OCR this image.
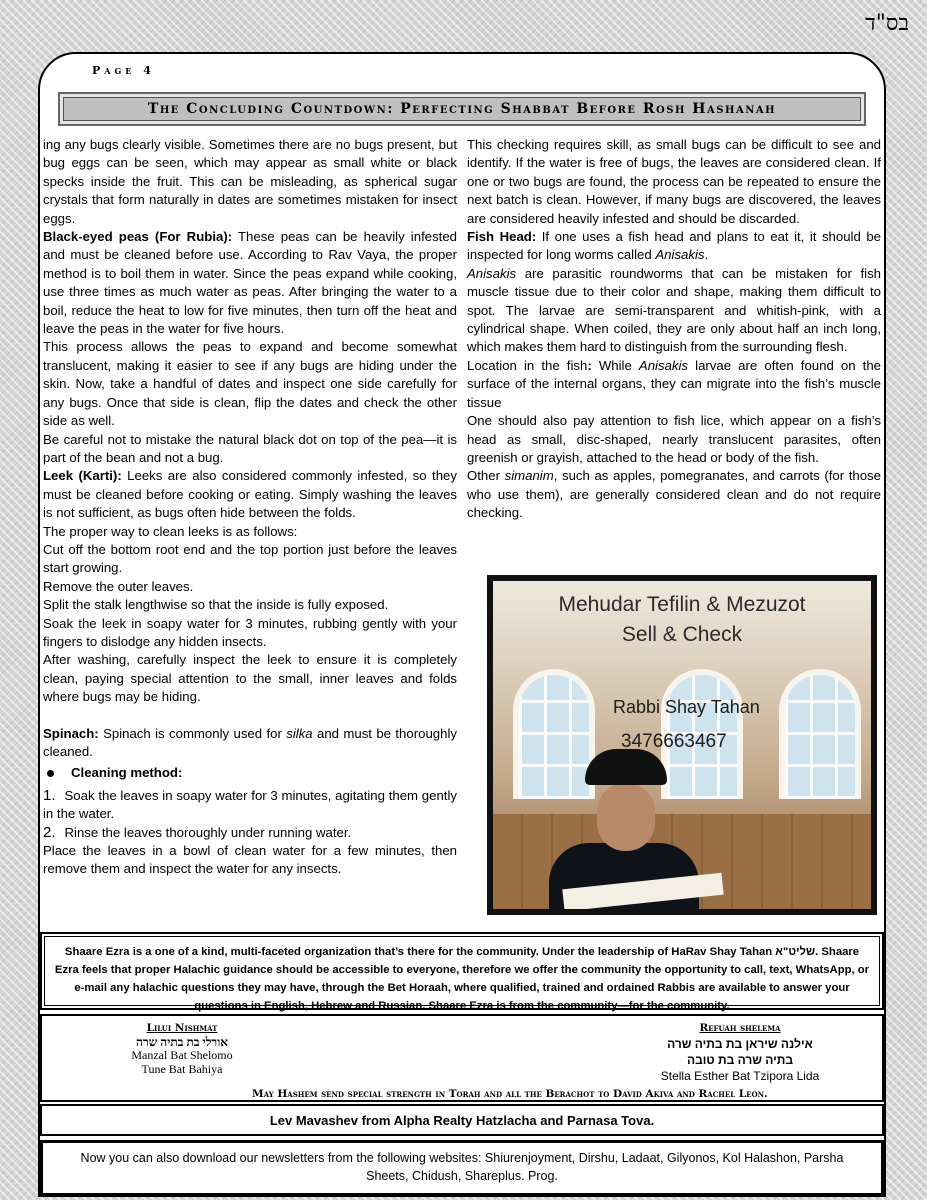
בס"ד
Page 4
The Concluding Countdown: Perfecting Shabbat Before Rosh Hashanah

ing any bugs clearly visible. Sometimes there are no bugs present, but bug eggs can be seen, which may appear as small white or black specks inside the fruit. This can be misleading, as spherical sugar crystals that form naturally in dates are sometimes mistaken for insect eggs.

Black-eyed peas (For Rubia): These peas can be heavily infested and must be cleaned before use. According to Rav Vaya, the proper method is to boil them in water. Since the peas expand while cooking, use three times as much water as peas. After bringing the water to a boil, reduce the heat to low for five minutes, then turn off the heat and leave the peas in the water for five hours.

This process allows the peas to expand and become somewhat translucent, making it easier to see if any bugs are hiding under the skin. Now, take a handful of dates and inspect one side carefully for any bugs. Once that side is clean, flip the dates and check the other side as well.

Be careful not to mistake the natural black dot on top of the pea—it is part of the bean and not a bug.

Leek (Karti): Leeks are also considered commonly infested, so they must be cleaned before cooking or eating. Simply washing the leaves is not sufficient, as bugs often hide between the folds.

The proper way to clean leeks is as follows:

Cut off the bottom root end and the top portion just before the leaves start growing.

Remove the outer leaves.

Split the stalk lengthwise so that the inside is fully exposed.

Soak the leek in soapy water for 3 minutes, rubbing gently with your fingers to dislodge any hidden insects.

After washing, carefully inspect the leek to ensure it is completely clean, paying special attention to the small, inner leaves and folds where bugs may be hiding.

Spinach: Spinach is commonly used for silka and must be thoroughly cleaned.

Cleaning method:

1. Soak the leaves in soapy water for 3 minutes, agitating them gently in the water.

2. Rinse the leaves thoroughly under running water.

Place the leaves in a bowl of clean water for a few minutes, then remove them and inspect the water for any insects.

This checking requires skill, as small bugs can be difficult to see and identify. If the water is free of bugs, the leaves are considered clean. If one or two bugs are found, the process can be repeated to ensure the next batch is clean. However, if many bugs are discovered, the leaves are considered heavily infested and should be discarded.

Fish Head: If one uses a fish head and plans to eat it, it should be inspected for long worms called Anisakis.

Anisakis are parasitic roundworms that can be mistaken for fish muscle tissue due to their color and shape, making them difficult to spot. The larvae are semi-transparent and whitish-pink, with a cylindrical shape. When coiled, they are only about half an inch long, which makes them hard to distinguish from the surrounding flesh.

Location in the fish: While Anisakis larvae are often found on the surface of the internal organs, they can migrate into the fish’s muscle tissue

One should also pay attention to fish lice, which appear on a fish’s head as small, disc-shaped, nearly translucent parasites, often greenish or grayish, attached to the head or body of the fish.

Other simanim, such as apples, pomegranates, and carrots (for those who use them), are generally considered clean and do not require checking.

Mehudar Tefilin & Mezuzot
Sell & Check
Rabbi Shay Tahan
3476663467
Shaare Ezra is a one of a kind, multi-faceted organization that’s there for the community. Under the leadership of HaRav Shay Tahan שליט"א. Shaare Ezra feels that proper Halachic guidance should be accessible to everyone, therefore we offer the community the opportunity to call, text, WhatsApp, or e-mail any halachic questions they may have, through the Bet Horaah, where qualified, trained and ordained Rabbis are available to answer your questions in English, Hebrew and Russian. Shaare Ezra is from the community—for the community.
Lilui Nishmat
אורלי בת בתיה שרה
Manzal Bat Shelomo
Tune Bat Bahiya
Refuah shelema
אילנה שיראן בת בתיה שרה
בתיה שרה בת טובה
Stella Esther Bat Tzipora Lida
May Hashem send special strength in Torah and all the Berachot to David Akiva and Rachel Leon.
Lev Mavashev from Alpha Realty Hatzlacha and Parnasa Tova.
Now you can also download our newsletters from the following websites: Shiurenjoyment, Dirshu, Ladaat, Gilyonos, Kol Halashon, Parsha Sheets, Chidush, Shareplus. Prog.
